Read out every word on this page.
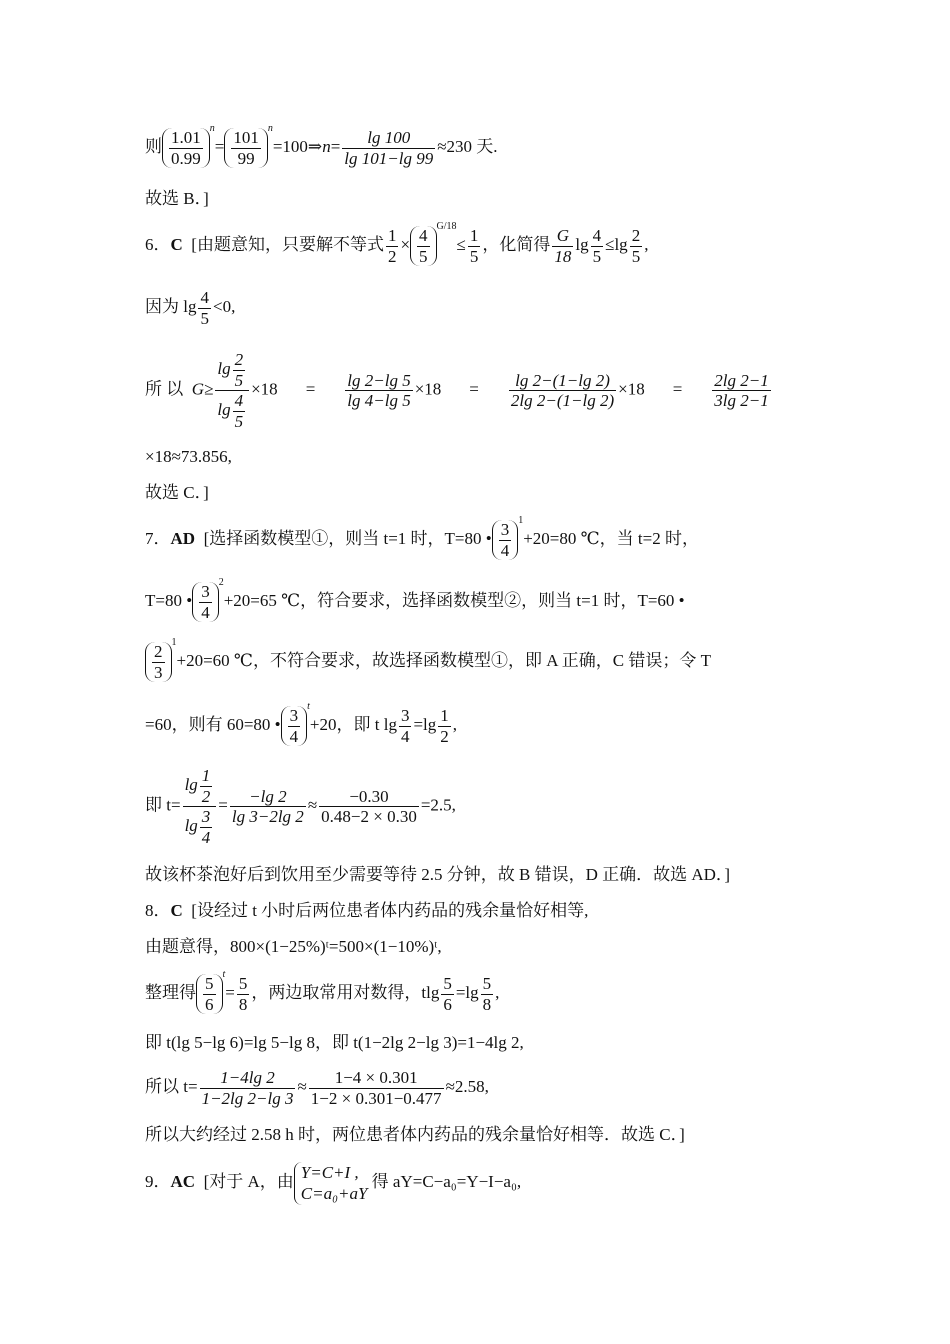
则 $\frac{1.01}{0.99} ^n= \frac{101}{99}$ $^n$=100⇒n= $\frac{\lg 100}{\lg 101-\lg 99} \approx 230$ 天.
故选 B．]
6．C [由题意知，只要解不等式 $\frac{1}{2} \times \frac{4}{5} ^{G/18}\le \frac{1}{5}$ ，化简得 $\frac{G}{18}$ $\lg \frac{4}{5} \le\lg \frac{2}{5}$ ,
因为 $\lg \frac{4}{5} <0$,
所 以 $G\ge \frac{\lg \frac{2}{5}}{\lg \frac{4}{5}} \times 18 = \frac{\lg 2-\lg 5}{\lg 4-\lg 5} \times 18 = \frac{\lg 2-(1-\lg 2)}{2\lg 2-(1-\lg 2)} \times 18 = \frac{2\lg 2-1}{3\lg 2-1}$
×18≈73.856,
故选 C．]
7．AD [选择函数模型①，则当 t=1 时，T=80 • $\frac{3}{4} ^1+20=80$ ℃，当 t=2 时，
T=80 • $\frac{3}{4} ^2+20=65$ ℃，符合要求，选择函数模型②，则当 t=1 时，T=60 •
$\frac{2}{3} ^1+20=60$ ℃，不符合要求，故选择函数模型①，即 A 正确，C 错误；令 T
=60，则有 60=80 • $\frac{3}{4} ^t+20$，即 t $\lg \frac{3}{4} =\lg \frac{1}{2}$ ,
即 $t= \frac{\lg \frac{1}{2}}{\lg \frac{3}{4}} = \frac{-\lg 2}{\lg 3-2\lg 2} \approx \frac{-0.30}{0.48-2 \times 0.30} =2.5$,
故该杯茶泡好后到饮用至少需要等待 2.5 分钟，故 B 错误，D 正确．故选 AD．]
8．C [设经过 t 小时后两位患者体内药品的残余量恰好相等,
由题意得，800×(1−25%)ᵗ=500×(1−10%)ᵗ,
整理得 $\frac{5}{6} ^t= \frac{5}{8}$ ，两边取常用对数得，tlg $\frac{5}{6} =\lg \frac{5}{8}$ ,
即 t(lg 5−lg 6)=lg 5−lg 8，即 t(1−2lg 2−lg 3)=1−4lg 2,
所以 $t= \frac{1-4\lg 2}{1-2\lg 2-\lg 3} \approx \frac{1-4 \times 0.301}{1-2 \times 0.301-0.477} \approx 2.58$,
所以大约经过 2.58 h 时，两位患者体内药品的残余量恰好相等．故选 C．]
9．AC [对于 A，由 Y=C+I ,
C=a₀+aY
得 aY=C−a₀=Y−I−a₀,
